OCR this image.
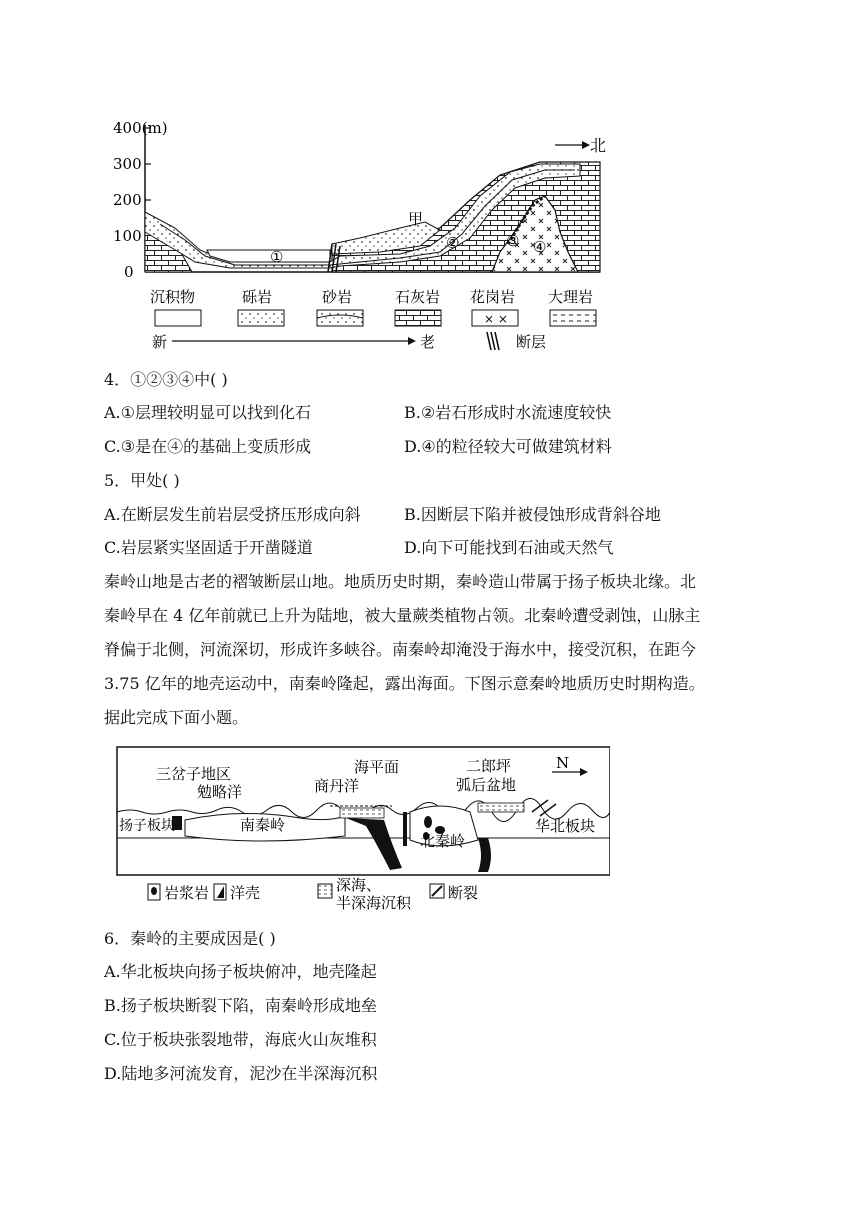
400(m)
300
200
100
0
北
甲
①
②	③ ④
沉积物	砾岩	砂岩	石灰岩 花岗岩 大理岩
× ×
新	老	断层
4．①②③④中( )
A.①层理较明显可以找到化石	B.②岩石形成时水流速度较快
C.③是在④的基础上变质形成	D.④的粒径较大可做建筑材料
5．甲处( )
A.在断层发生前岩层受挤压形成向斜	B.因断层下陷并被侵蚀形成背斜谷地
C.岩层紧实坚固适于开凿隧道	D.向下可能找到石油或天然气
秦岭山地是古老的褶皱断层山地。地质历史时期，秦岭造山带属于扬子板块北缘。北
秦岭早在 4 亿年前就已上升为陆地，被大量蕨类植物占领。北秦岭遭受剥蚀，山脉主
脊偏于北侧，河流深切，形成许多峡谷。南秦岭却淹没于海水中，接受沉积，在距今
3.75 亿年的地壳运动中，南秦岭隆起，露出海面。下图示意秦岭地质历史时期构造。
据此完成下面小题。
N
三岔子地区
勉略洋
海平面
商丹洋
二郎坪
弧后盆地
扬子板块	南秦岭
北秦岭
华北板块
岩浆岩 洋壳	深海、
半深海沉积
断裂
6．秦岭的主要成因是( )
A.华北板块向扬子板块俯冲，地壳隆起
B.扬子板块断裂下陷，南秦岭形成地垒
C.位于板块张裂地带，海底火山灰堆积
D.陆地多河流发育，泥沙在半深海沉积
